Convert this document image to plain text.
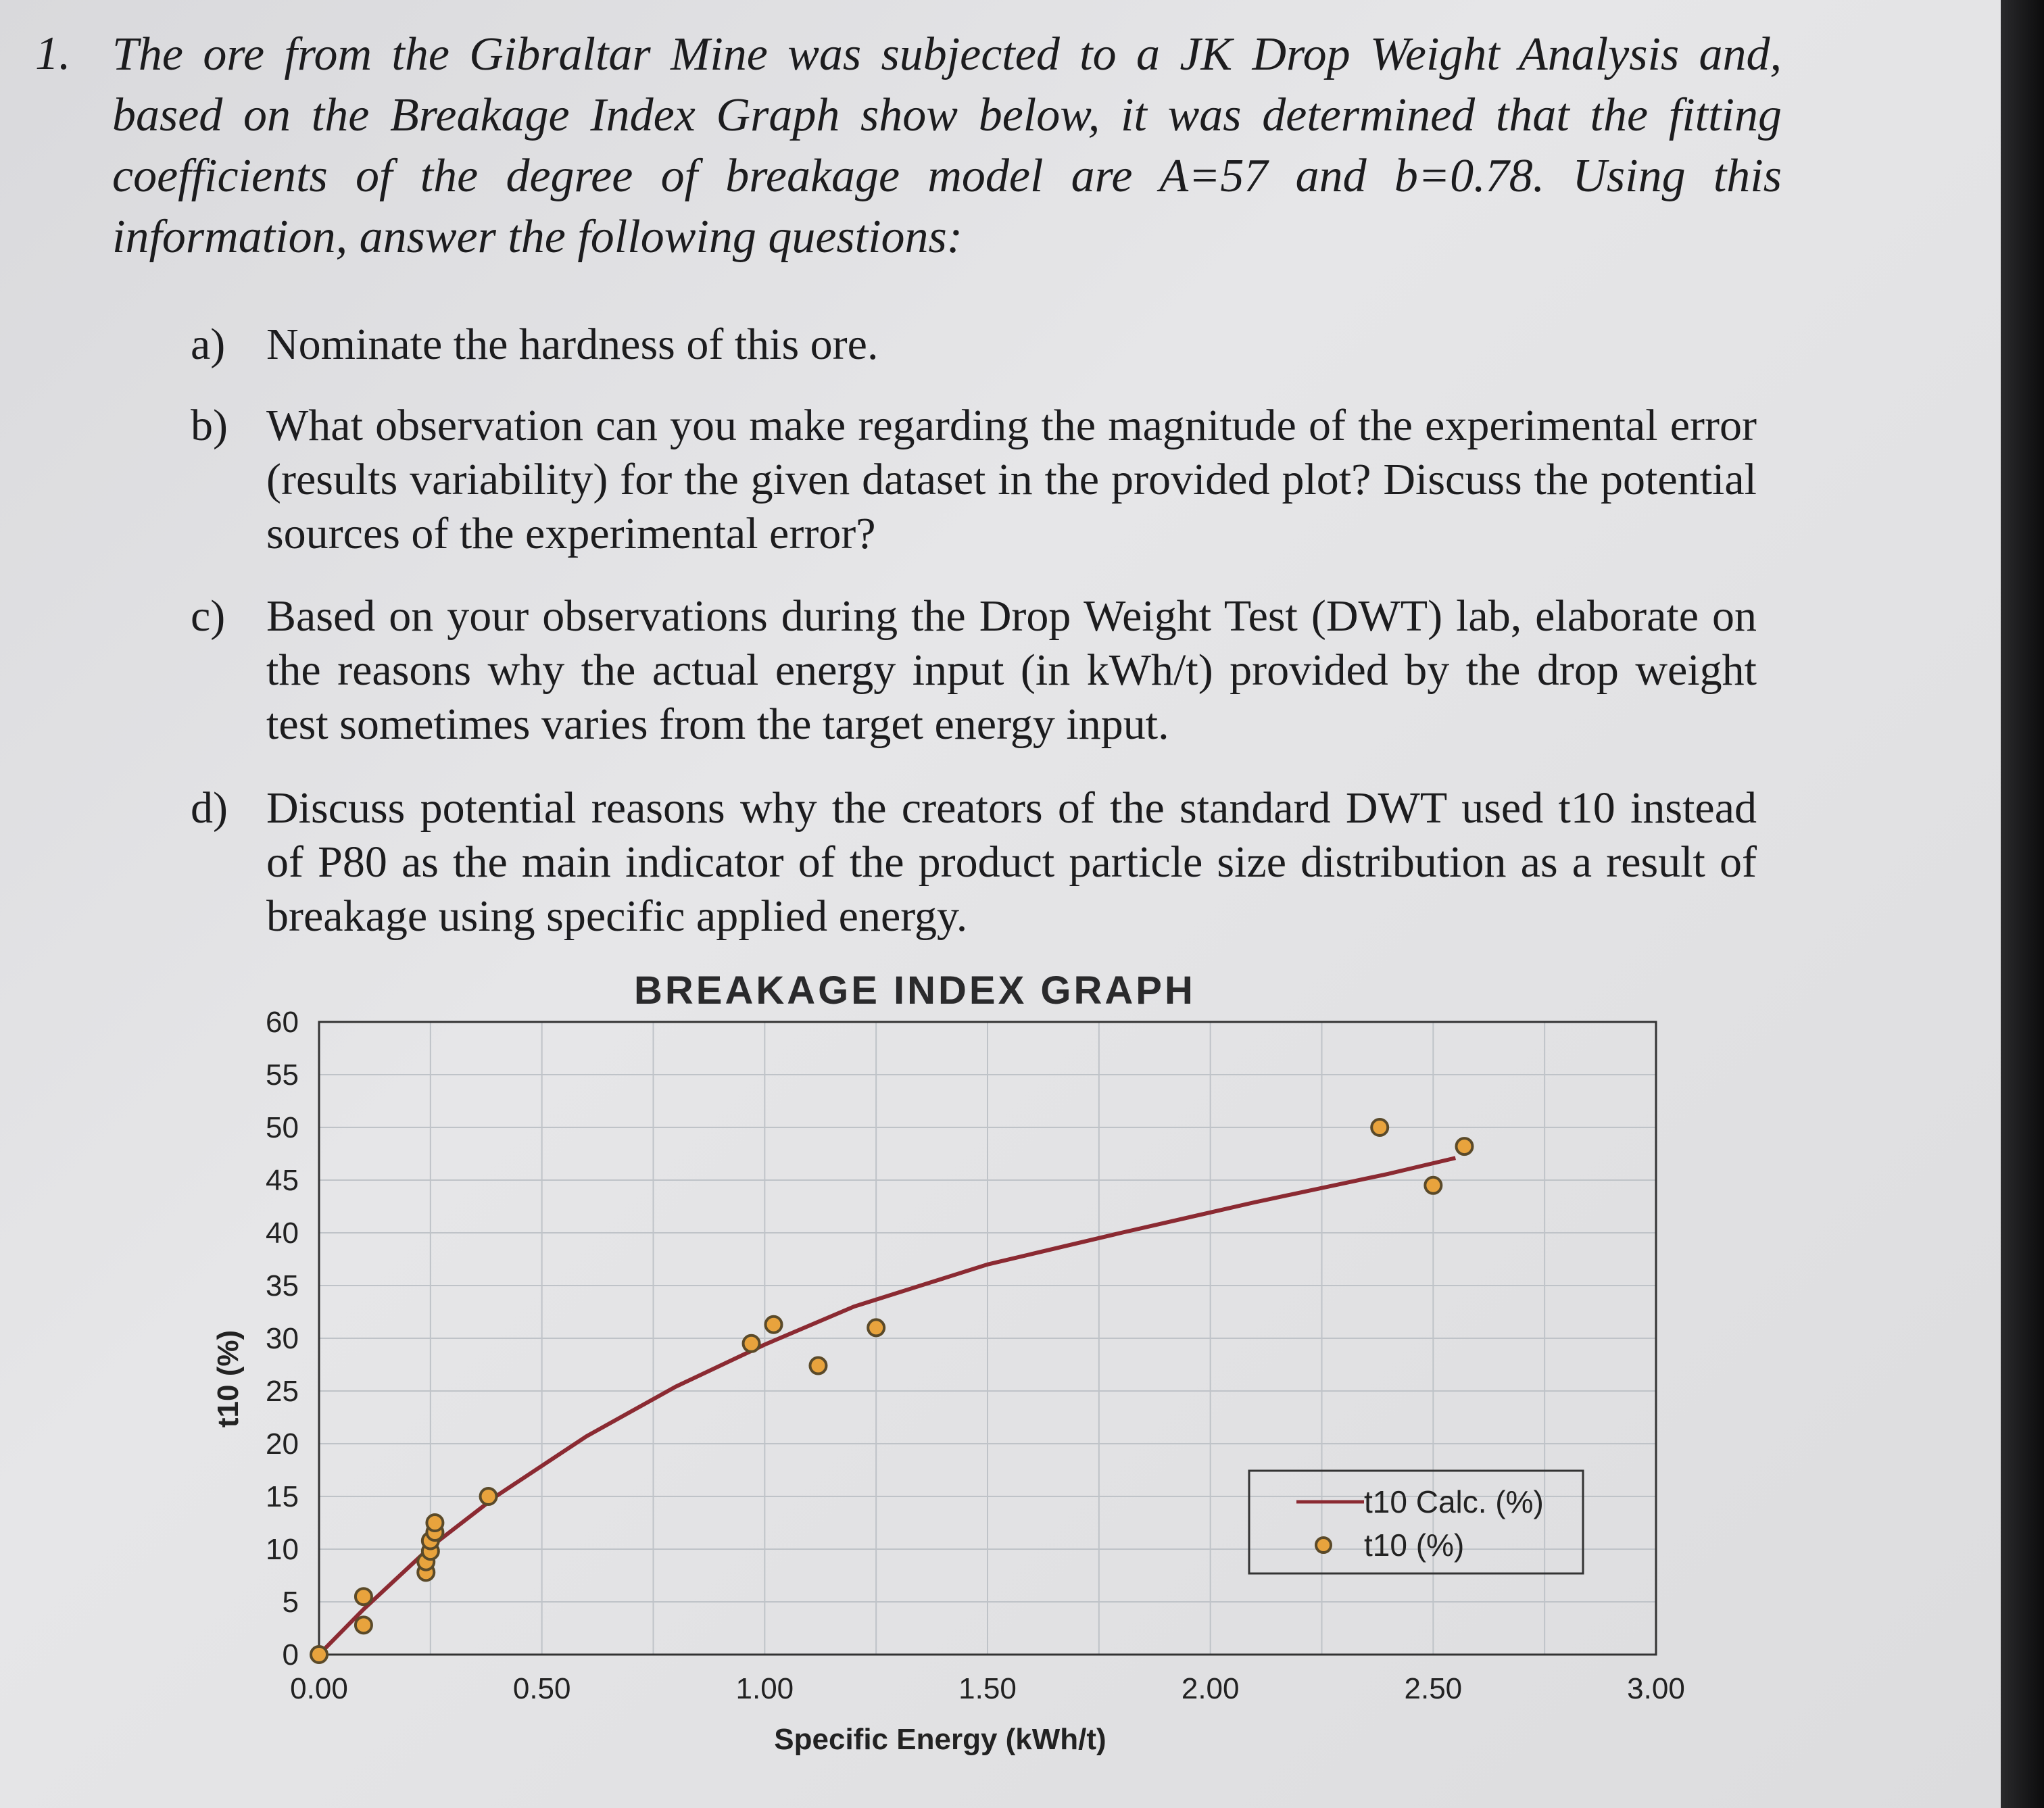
1. The ore from the Gibraltar Mine was subjected to a JK Drop Weight Analysis and, based on the Breakage Index Graph show below, it was determined that the fitting coefficients of the degree of breakage model are A=57 and b=0.78. Using this information, answer the following questions:
a) Nominate the hardness of this ore.
b) What observation can you make regarding the magnitude of the experimental error (results variability) for the given dataset in the provided plot? Discuss the potential sources of the experimental error?
c) Based on your observations during the Drop Weight Test (DWT) lab, elaborate on the reasons why the actual energy input (in kWh/t) provided by the drop weight test sometimes varies from the target energy input.
d) Discuss potential reasons why the creators of the standard DWT used t10 instead of P80 as the main indicator of the product particle size distribution as a result of breakage using specific applied energy.
BREAKAGE INDEX GRAPH
0
5
10
15
20
25
30
35
40
45
50
55
60
0.00	0.50	1.00	1.50	2.00	2.50	3.00
Specific Energy (kWh/t)
t10 (%)
t10 Calc. (%)
t10 (%)
